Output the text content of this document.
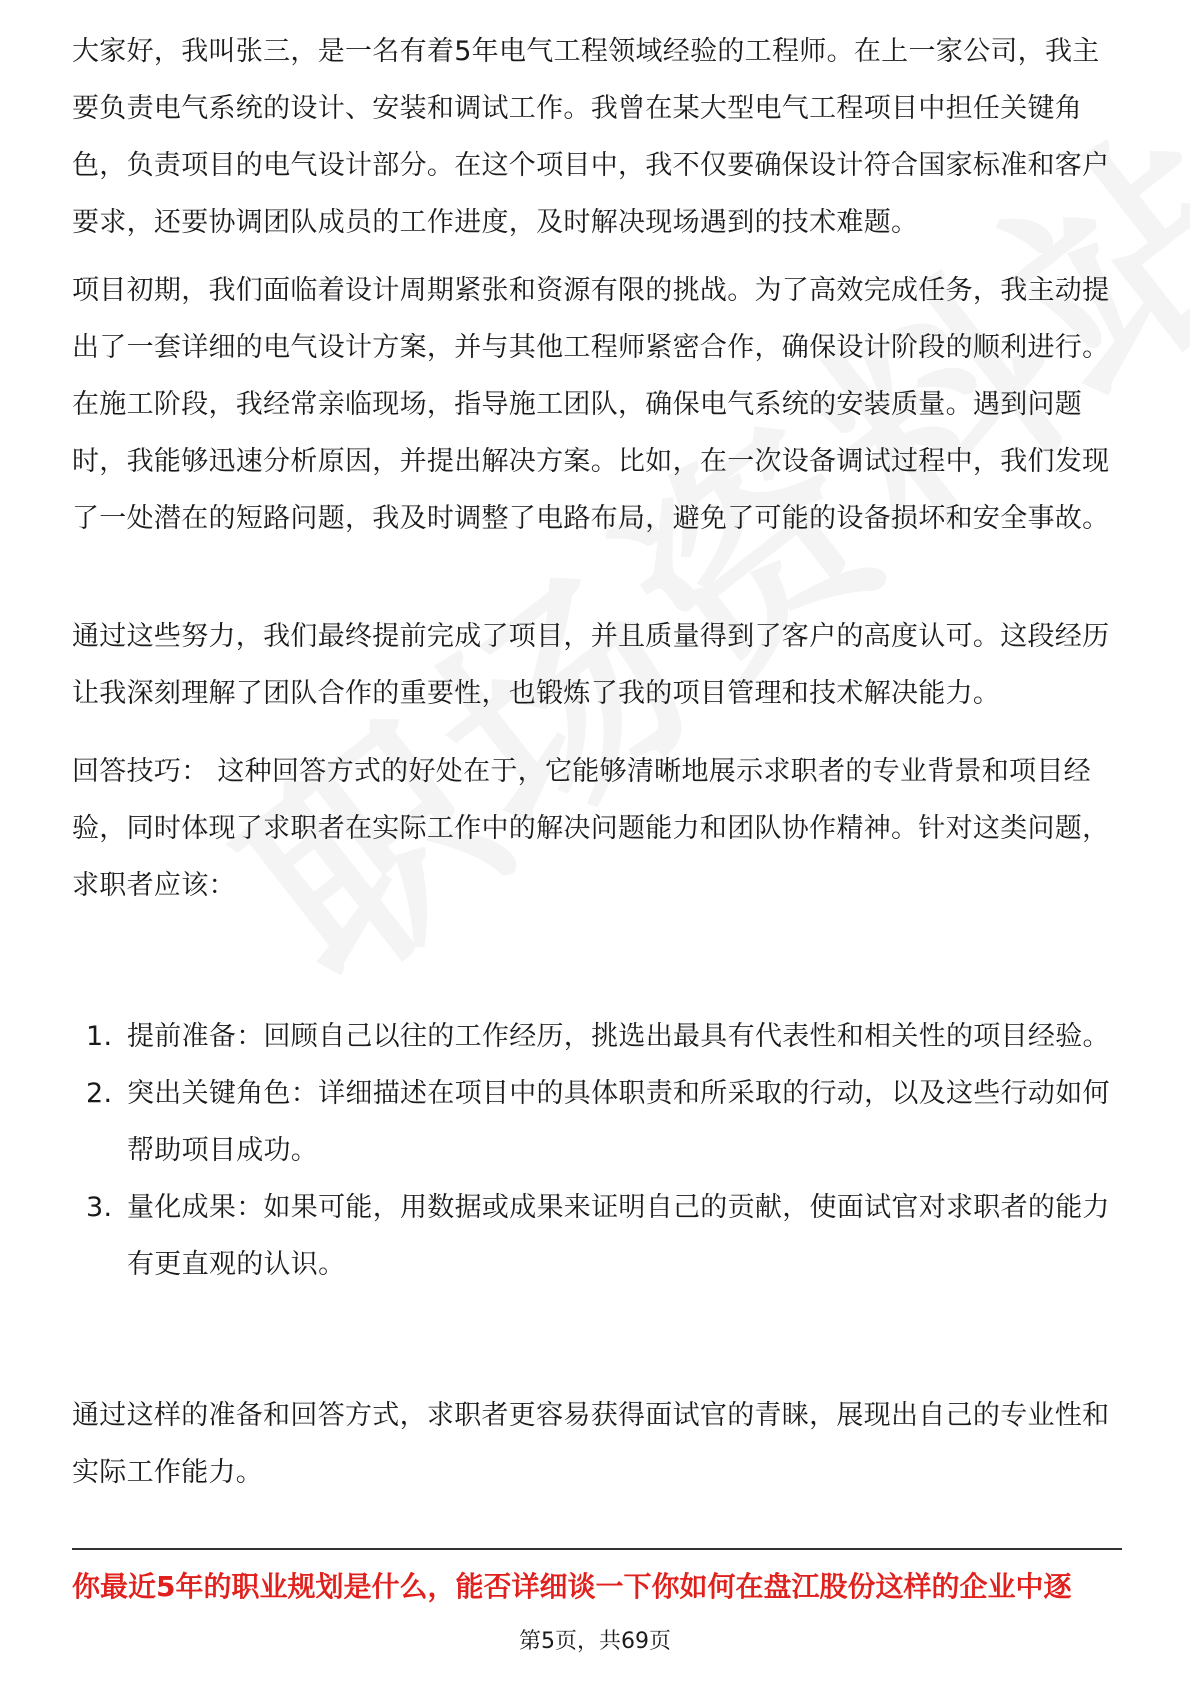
大家好，我叫张三，是一名有着5年电气工程领域经验的工程师。在上一家公司，我主要负责电气系统的设计、安装和调试工作。我曾在某大型电气工程项目中担任关键角色，负责项目的电气设计部分。在这个项目中，我不仅要确保设计符合国家标准和客户要求，还要协调团队成员的工作进度，及时解决现场遇到的技术难题。

项目初期，我们面临着设计周期紧张和资源有限的挑战。为了高效完成任务，我主动提出了一套详细的电气设计方案，并与其他工程师紧密合作，确保设计阶段的顺利进行。在施工阶段，我经常亲临现场，指导施工团队，确保电气系统的安装质量。遇到问题时，我能够迅速分析原因，并提出解决方案。比如，在一次设备调试过程中，我们发现了一处潜在的短路问题，我及时调整了电路布局，避免了可能的设备损坏和安全事故。

通过这些努力，我们最终提前完成了项目，并且质量得到了客户的高度认可。这段经历让我深刻理解了团队合作的重要性，也锻炼了我的项目管理和技术解决能力。

回答技巧： 这种回答方式的好处在于，它能够清晰地展示求职者的专业背景和项目经验，同时体现了求职者在实际工作中的解决问题能力和团队协作精神。针对这类问题，求职者应该：

1. 提前准备：回顾自己以往的工作经历，挑选出最具有代表性和相关性的项目经验。
2. 突出关键角色：详细描述在项目中的具体职责和所采取的行动，以及这些行动如何帮助项目成功。
3. 量化成果：如果可能，用数据或成果来证明自己的贡献，使面试官对求职者的能力有更直观的认识。

通过这样的准备和回答方式，求职者更容易获得面试官的青睐，展现出自己的专业性和实际工作能力。

你最近5年的职业规划是什么，能否详细谈一下你如何在盘江股份这样的企业中逐
第5页，共69页
